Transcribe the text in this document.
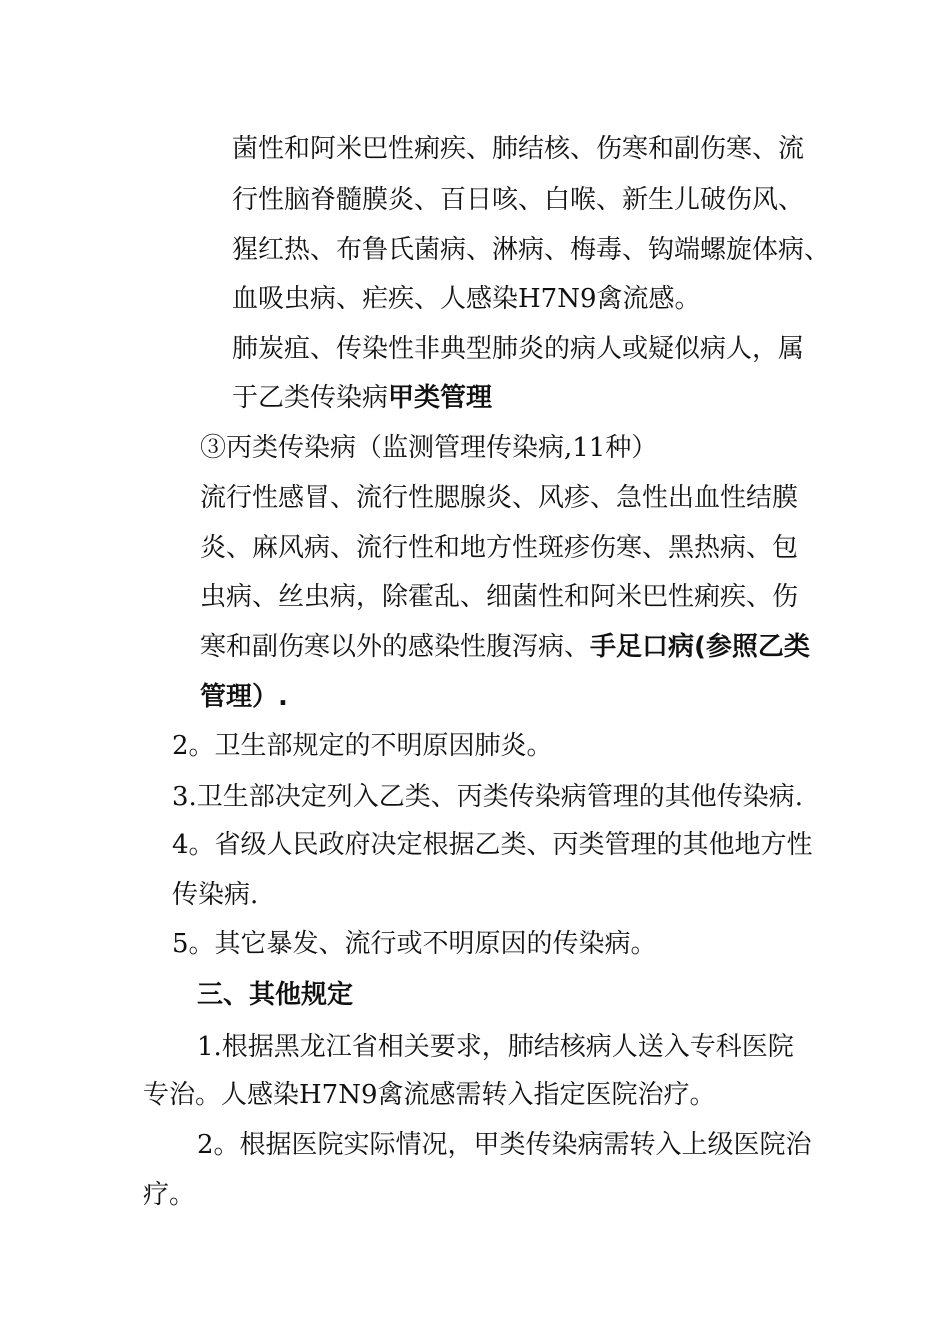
菌性和阿米巴性痢疾、肺结核、伤寒和副伤寒、流
行性脑脊髓膜炎、百日咳、白喉、新生儿破伤风、
猩红热、布鲁氏菌病、淋病、梅毒、钩端螺旋体病、
血吸虫病、疟疾、人感染H7N9禽流感。
肺炭疽、传染性非典型肺炎的病人或疑似病人，属
于乙类传染病甲类管理
③丙类传染病（监测管理传染病,11种）
流行性感冒、流行性腮腺炎、风疹、急性出血性结膜
炎、麻风病、流行性和地方性斑疹伤寒、黑热病、包
虫病、丝虫病，除霍乱、细菌性和阿米巴性痢疾、伤
寒和副伤寒以外的感染性腹泻病、手足口病(参照乙类
管理）.
2。卫生部规定的不明原因肺炎。
3.卫生部决定列入乙类、丙类传染病管理的其他传染病.
4。省级人民政府决定根据乙类、丙类管理的其他地方性
传染病.
5。其它暴发、流行或不明原因的传染病。
三、其他规定
1.根据黑龙江省相关要求，肺结核病人送入专科医院
专治。人感染H7N9禽流感需转入指定医院治疗。
2。根据医院实际情况，甲类传染病需转入上级医院治
疗。
